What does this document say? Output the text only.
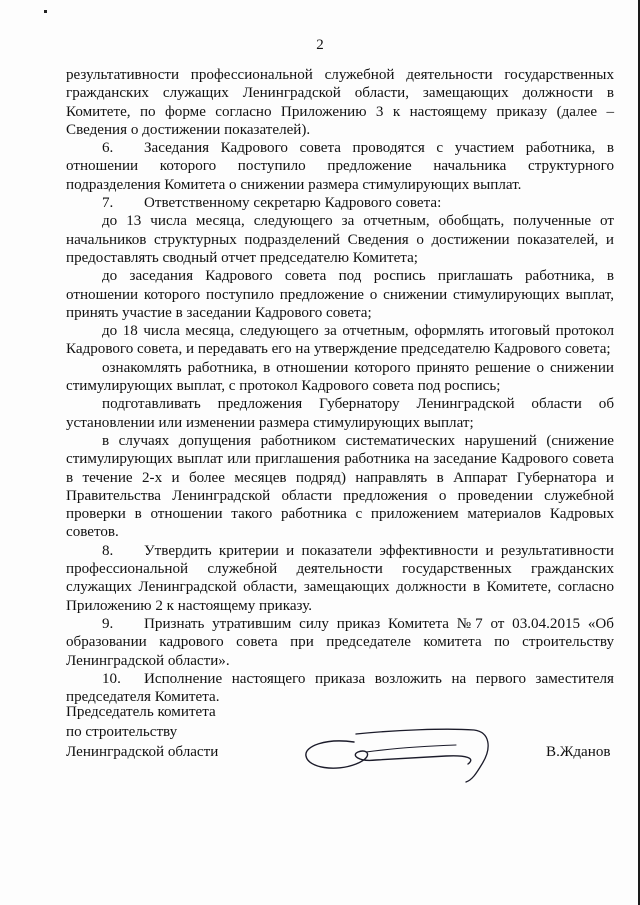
2

результативности профессиональной служебной деятельности государственных гражданских служащих Ленинградской области, замещающих должности в Комитете, по форме согласно Приложению 3 к настоящему приказу (далее – Сведения о достижении показателей).

6. Заседания Кадрового совета проводятся с участием работника, в отношении которого поступило предложение начальника структурного подразделения Комитета о снижении размера стимулирующих выплат.

7. Ответственному секретарю Кадрового совета:

до 13 числа месяца, следующего за отчетным, обобщать, полученные от начальников структурных подразделений Сведения о достижении показателей, и предоставлять сводный отчет председателю Комитета;

до заседания Кадрового совета под роспись приглашать работника, в отношении которого поступило предложение о снижении стимулирующих выплат, принять участие в заседании Кадрового совета;

до 18 числа месяца, следующего за отчетным, оформлять итоговый протокол Кадрового совета, и передавать его на утверждение председателю Кадрового совета;

ознакомлять работника, в отношении которого принято решение о снижении стимулирующих выплат, с протокол Кадрового совета под роспись;

подготавливать предложения Губернатору Ленинградской области об установлении или изменении размера стимулирующих выплат;

в случаях допущения работником систематических нарушений (снижение стимулирующих выплат или приглашения работника на заседание Кадрового совета в течение 2-х и более месяцев подряд) направлять в Аппарат Губернатора и Правительства Ленинградской области предложения о проведении служебной проверки в отношении такого работника с приложением материалов Кадровых советов.

8. Утвердить критерии и показатели эффективности и результативности профессиональной служебной деятельности государственных гражданских служащих Ленинградской области, замещающих должности в Комитете, согласно Приложению 2 к настоящему приказу.

9. Признать утратившим силу приказ Комитета №7 от 03.04.2015 «Об образовании кадрового совета при председателе комитета по строительству Ленинградской области».

10. Исполнение настоящего приказа возложить на первого заместителя председателя Комитета.

Председатель комитета
по строительству
Ленинградской области	В.Жданов
